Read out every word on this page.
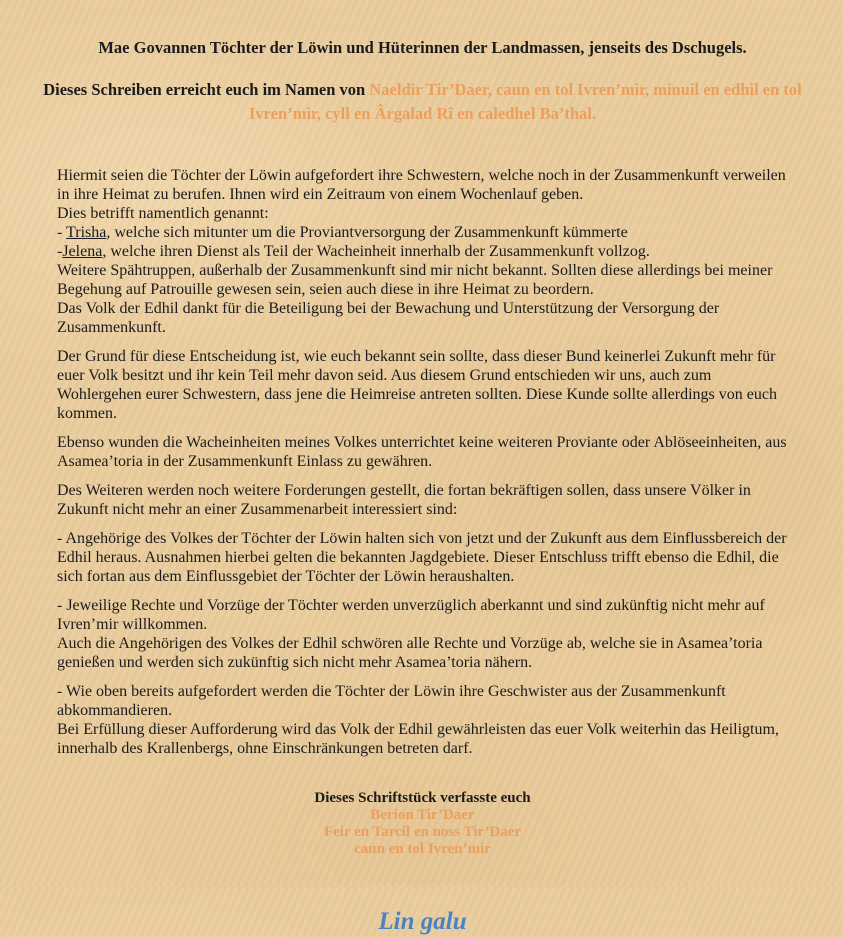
Mae Govannen Töchter der Löwin und Hüterinnen der Landmassen, jenseits des Dschugels.

Dieses Schreiben erreicht euch im Namen von Naeldir Tir’Daer, caun en tol Ivren’mir, minuil en edhil en tol Ivren’mir, cyll en Ârgalad Rî en caledhel Ba’thal.

Hiermit seien die Töchter der Löwin aufgefordert ihre Schwestern, welche noch in der Zusammenkunft verweilen in ihre Heimat zu berufen. Ihnen wird ein Zeitraum von einem Wochenlauf geben.
Dies betrifft namentlich genannt:
- Trisha, welche sich mitunter um die Proviantversorgung der Zusammenkunft kümmerte
-Jelena, welche ihren Dienst als Teil der Wacheinheit innerhalb der Zusammenkunft vollzog.
Weitere Spähtruppen, außerhalb der Zusammenkunft sind mir nicht bekannt. Sollten diese allerdings bei meiner Begehung auf Patrouille gewesen sein, seien auch diese in ihre Heimat zu beordern.
Das Volk der Edhil dankt für die Beteiligung bei der Bewachung und Unterstützung der Versorgung der Zusammenkunft.
Der Grund für diese Entscheidung ist, wie euch bekannt sein sollte, dass dieser Bund keinerlei Zukunft mehr für euer Volk besitzt und ihr kein Teil mehr davon seid. Aus diesem Grund entschieden wir uns, auch zum Wohlergehen eurer Schwestern, dass jene die Heimreise antreten sollten. Diese Kunde sollte allerdings von euch kommen.
Ebenso wunden die Wacheinheiten meines Volkes unterrichtet keine weiteren Proviante oder Ablöseeinheiten, aus Asamea’toria in der Zusammenkunft Einlass zu gewähren.
Des Weiteren werden noch weitere Forderungen gestellt, die fortan bekräftigen sollen, dass unsere Völker in Zukunft nicht mehr an einer Zusammenarbeit interessiert sind:
- Angehörige des Volkes der Töchter der Löwin halten sich von jetzt und der Zukunft aus dem Einflussbereich der Edhil heraus. Ausnahmen hierbei gelten die bekannten Jagdgebiete. Dieser Entschluss trifft ebenso die Edhil, die sich fortan aus dem Einflussgebiet der Töchter der Löwin heraushalten.
- Jeweilige Rechte und Vorzüge der Töchter werden unverzüglich aberkannt und sind zukünftig nicht mehr auf Ivren’mir willkommen.
Auch die Angehörigen des Volkes der Edhil schwören alle Rechte und Vorzüge ab, welche sie in Asamea’toria genießen und werden sich zukünftig sich nicht mehr Asamea’toria nähern.
- Wie oben bereits aufgefordert werden die Töchter der Löwin ihre Geschwister aus der Zusammenkunft abkommandieren.
Bei Erfüllung dieser Aufforderung wird das Volk der Edhil gewährleisten das euer Volk weiterhin das Heiligtum, innerhalb des Krallenbergs, ohne Einschränkungen betreten darf.

Dieses Schriftstück verfasste euch

Berion Tir’Daer
Feir en Tarcil en noss Tir’Daer
caun en tol Ivren’mir

Lin galu
